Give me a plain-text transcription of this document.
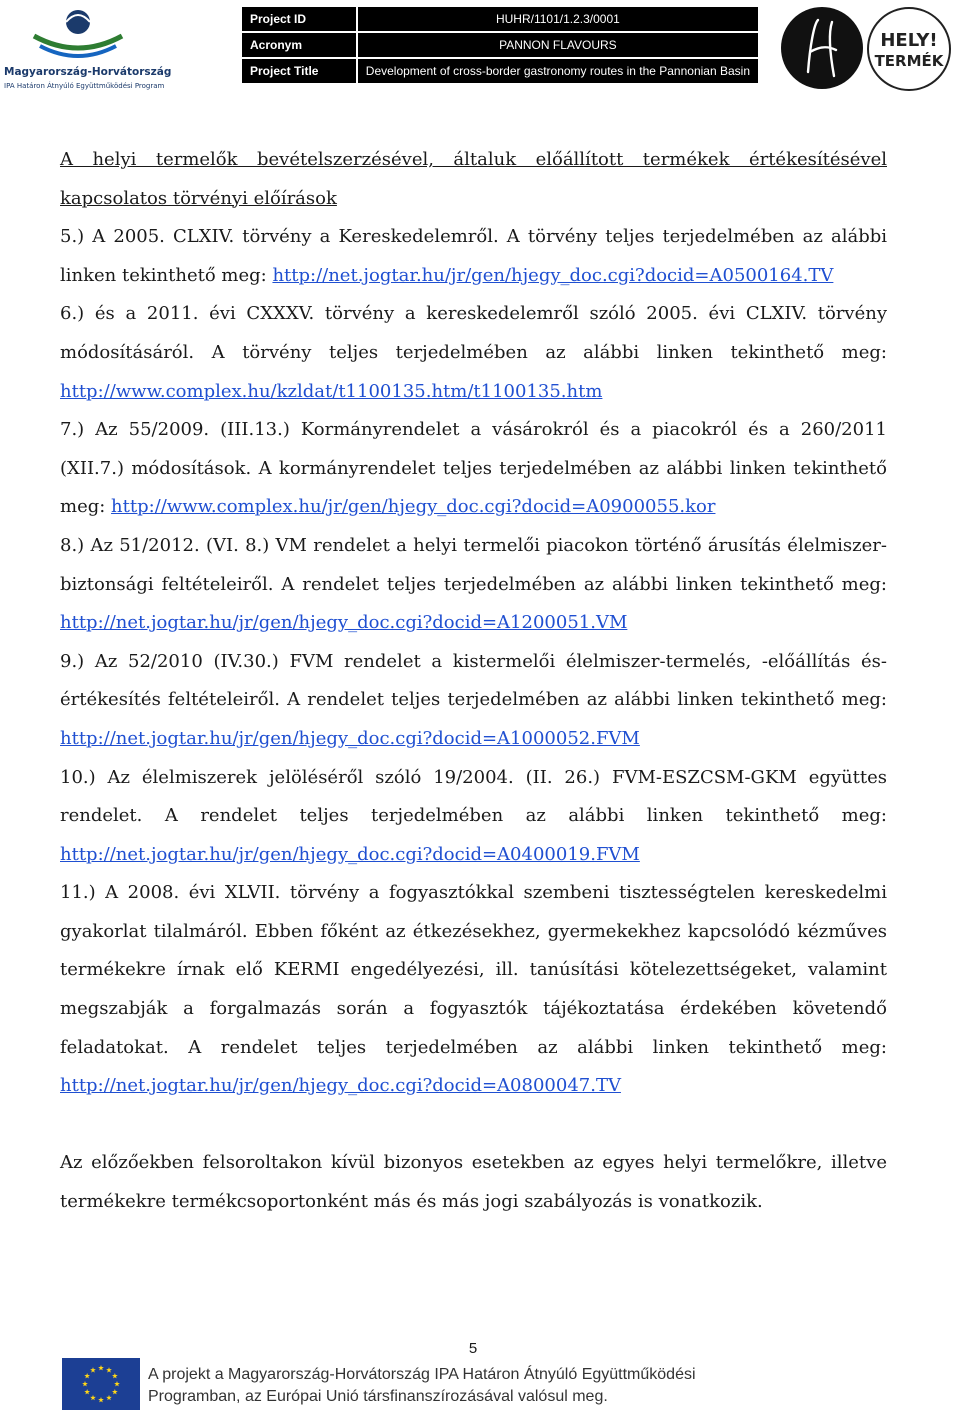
Magyarország-Horvátország
IPA Határon Átnyúló Együttműködési Program
Project ID	HUHR/1101/1.2.3/0001
Acronym	PANNON FLAVOURS
Project Title	Development of cross-border gastronomy routes in the Pannonian Basin
HELY!
TERMÉK

A helyi termelők bevételszerzésével, általuk előállított termékek értékesítésével kapcsolatos törvényi előírások

5.) A 2005. CLXIV. törvény a Kereskedelemről. A törvény teljes terjedelmében az alábbi linken tekinthető meg: http://net.jogtar.hu/jr/gen/hjegy_doc.cgi?docid=A0500164.TV

6.) és a 2011. évi CXXXV. törvény a kereskedelemről szóló 2005. évi CLXIV. törvény módosításáról. A törvény teljes terjedelmében az alábbi linken tekinthető meg: http://www.complex.hu/kzldat/t1100135.htm/t1100135.htm

7.) Az 55/2009. (III.13.) Kormányrendelet a vásárokról és a piacokról és a 260/2011 (XII.7.) módosítások. A kormányrendelet teljes terjedelmében az alábbi linken tekinthető meg: http://www.complex.hu/jr/gen/hjegy_doc.cgi?docid=A0900055.kor

8.) Az 51/2012. (VI. 8.) VM rendelet a helyi termelői piacokon történő árusítás élelmiszer-biztonsági feltételeiről. A rendelet teljes terjedelmében az alábbi linken tekinthető meg: http://net.jogtar.hu/jr/gen/hjegy_doc.cgi?docid=A1200051.VM

9.) Az 52/2010 (IV.30.) FVM rendelet a kistermelői élelmiszer-termelés, -előállítás és-értékesítés feltételeiről. A rendelet teljes terjedelmében az alábbi linken tekinthető meg: http://net.jogtar.hu/jr/gen/hjegy_doc.cgi?docid=A1000052.FVM

10.) Az élelmiszerek jelöléséről szóló 19/2004. (II. 26.) FVM-ESZCSM-GKM együttes rendelet. A rendelet teljes terjedelmében az alábbi linken tekinthető meg: http://net.jogtar.hu/jr/gen/hjegy_doc.cgi?docid=A0400019.FVM

11.) A 2008. évi XLVII. törvény a fogyasztókkal szembeni tisztességtelen kereskedelmi gyakorlat tilalmáról. Ebben főként az étkezésekhez, gyermekekhez kapcsolódó kézműves termékekre írnak elő KERMI engedélyezési, ill. tanúsítási kötelezettségeket, valamint megszabják a forgalmazás során a fogyasztók tájékoztatása érdekében követendő feladatokat. A rendelet teljes terjedelmében az alábbi linken tekinthető meg: http://net.jogtar.hu/jr/gen/hjegy_doc.cgi?docid=A0800047.TV

Az előzőekben felsoroltakon kívül bizonyos esetekben az egyes helyi termelőkre, illetve termékekre termékcsoportonként más és más jogi szabályozás is vonatkozik.

5
A projekt a Magyarország-Horvátország IPA Határon Átnyúló Együttműködési
Programban, az Európai Unió társfinanszírozásával valósul meg.
